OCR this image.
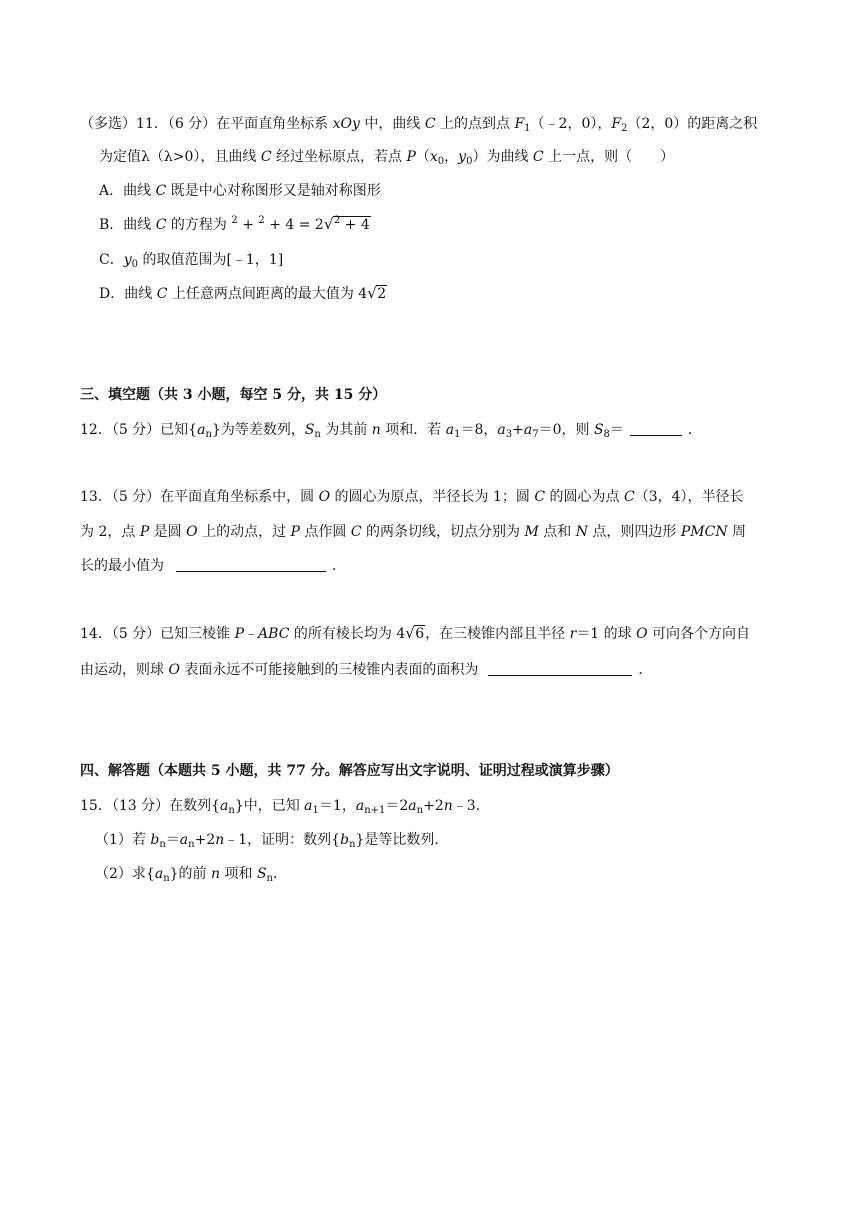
（多选）11．（6 分）在平面直角坐标系 xOy 中，曲线 C 上的点到点 $F_1(﹣2$，0），$F_2(2$，0）的距离之积
为定值λ（λ>0），且曲线 C 经过坐标原点，若点 $P(x_0$，$y_0$）为曲线 C 上一点，则（　　）
A．曲线 C 既是中心对称图形又是轴对称图形
B．曲线 C 的方程为 $^2$ + $^2$ + 4 = 2 √ $^2$ + 4
C．$y_0$ 的取值范围为[﹣1，1]
D．曲线 C 上任意两点间距离的最大值为 4 √ 2
三、填空题（共 3 小题，每空 5 分，共 15 分）
12．（5 分）已知$\{a_n\}$为等差数列，$S_n$ 为其前 n 项和．若 $a_1=8$，$a_3+a_7=0$，则 $S_8=$	．
13．（5 分）在平面直角坐标系中，圆 O 的圆心为原点，半径长为 1；圆 C 的圆心为点 C（3，4），半径长
为 2，点 P 是圆 O 上的动点，过 P 点作圆 C 的两条切线，切点分别为 M 点和 N 点，则四边形 PMCN 周
长的最小值为	．
14．（5 分）已知三棱锥 P﹣ABC 的所有棱长均为 4 √ 6，在三棱锥内部且半径 r＝1 的球 O 可向各个方向自
由运动，则球 O 表面永远不可能接触到的三棱锥内表面的面积为	．
四、解答题（本题共 5 小题，共 77 分。解答应写出文字说明、证明过程或演算步骤）
15．（13 分）在数列$\{a_n\}$中，已知 $a_1=1$，$a_{n+1}=2a_n+2n﹣3$．
（1）若 $b_n=a_n+2n﹣1$，证明：数列$\{b_n\}$是等比数列．
（2）求$\{a_n\}$的前 n 项和 $S_n$．
